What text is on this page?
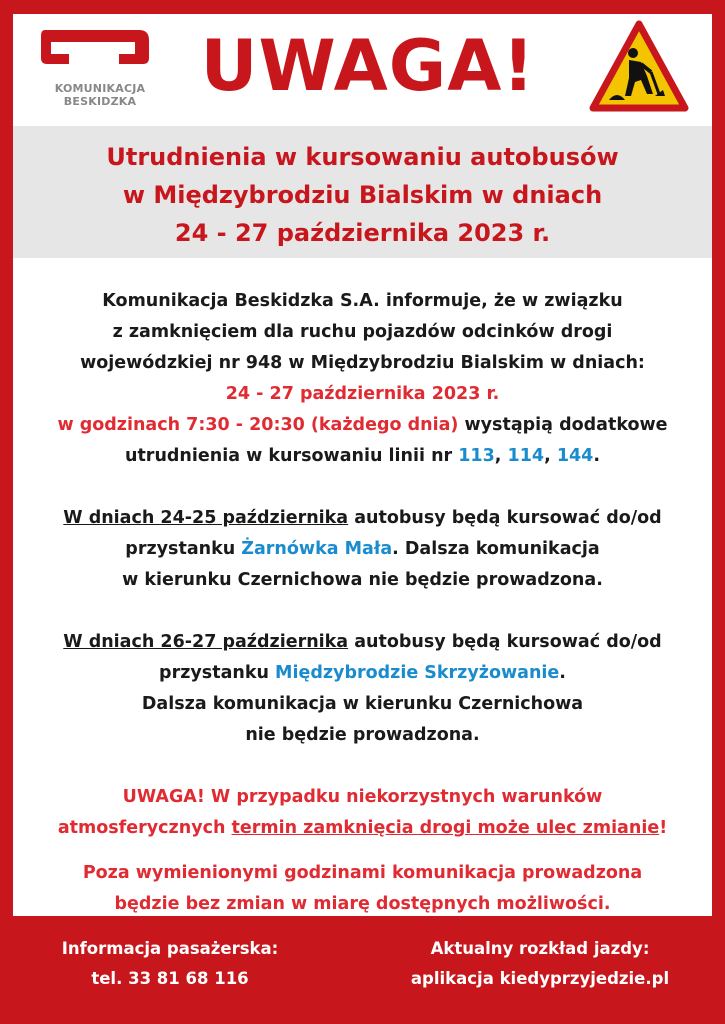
KOMUNIKACJA
BESKIDZKA UWAGA!
Utrudnienia w kursowaniu autobusów
w Międzybrodziu Bialskim w dniach
24 - 27 października 2023 r.

Komunikacja Beskidzka S.A. informuje, że w związku

z zamknięciem dla ruchu pojazdów odcinków drogi

wojewódzkiej nr 948 w Międzybrodziu Bialskim w dniach:

24 - 27 października 2023 r.

w godzinach 7:30 - 20:30 (każdego dnia) wystąpią dodatkowe

utrudnienia w kursowaniu linii nr 113, 114, 144.

W dniach 24-25 października autobusy będą kursować do/od

przystanku Żarnówka Mała. Dalsza komunikacja

w kierunku Czernichowa nie będzie prowadzona.

W dniach 26-27 października autobusy będą kursować do/od

przystanku Międzybrodzie Skrzyżowanie.

Dalsza komunikacja w kierunku Czernichowa

nie będzie prowadzona.

UWAGA! W przypadku niekorzystnych warunków

atmosferycznych termin zamknięcia drogi może ulec zmianie!

Poza wymienionymi godzinami komunikacja prowadzona

będzie bez zmian w miarę dostępnych możliwości.

Informacja pasażerska:
tel. 33 81 68 116
Aktualny rozkład jazdy:
aplikacja kiedyprzyjedzie.pl
